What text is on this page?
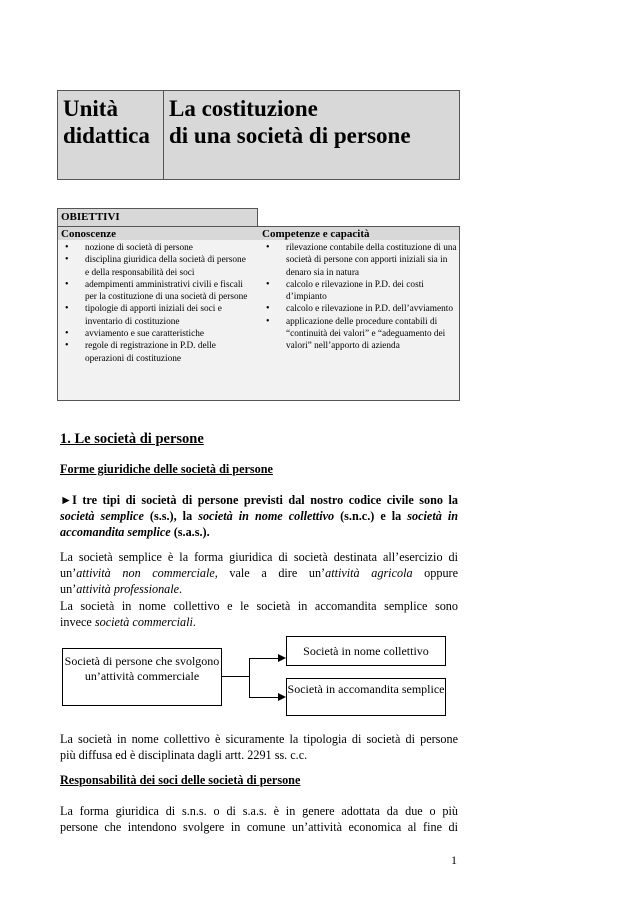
Unità
didattica
La costituzione
di una società di persone
OBIETTIVI
Conoscenze	Competenze e capacità
• nozione di società di persone
• disciplina giuridica della società di persone e della responsabilità dei soci
• adempimenti amministrativi civili e fiscali per la costituzione di una società di persone
• tipologie di apporti iniziali dei soci e inventario di costituzione
• avviamento e sue caratteristiche
• regole di registrazione in P.D. delle operazioni di costituzione
• rilevazione contabile della costituzione di una società di persone con apporti iniziali sia in denaro sia in natura
• calcolo e rilevazione in P.D. dei costi d’impianto
• calcolo e rilevazione in P.D. dell’avviamento
• applicazione delle procedure contabili di “continuità dei valori” e “adeguamento dei valori” nell’apporto di azienda
1. Le società di persone
Forme giuridiche delle società di persone
►I tre tipi di società di persone previsti dal nostro codice civile sono la
società semplice (s.s.), la società in nome collettivo (s.n.c.) e la società in
accomandita semplice (s.a.s.).
La società semplice è la forma giuridica di società destinata all’esercizio di
un’attività non commerciale, vale a dire un’attività agricola oppure
un’attività professionale.
La società in nome collettivo e le società in accomandita semplice sono
invece società commerciali.
Società di persone che svolgono un’attività commerciale
Società in nome collettivo
Società in accomandita semplice
La società in nome collettivo è sicuramente la tipologia di società di persone
più diffusa ed è disciplinata dagli artt. 2291 ss. c.c.
Responsabilità dei soci delle società di persone
La forma giuridica di s.n.s. o di s.a.s. è in genere adottata da due o più
persone che intendono svolgere in comune un’attività economica al fine di
1
